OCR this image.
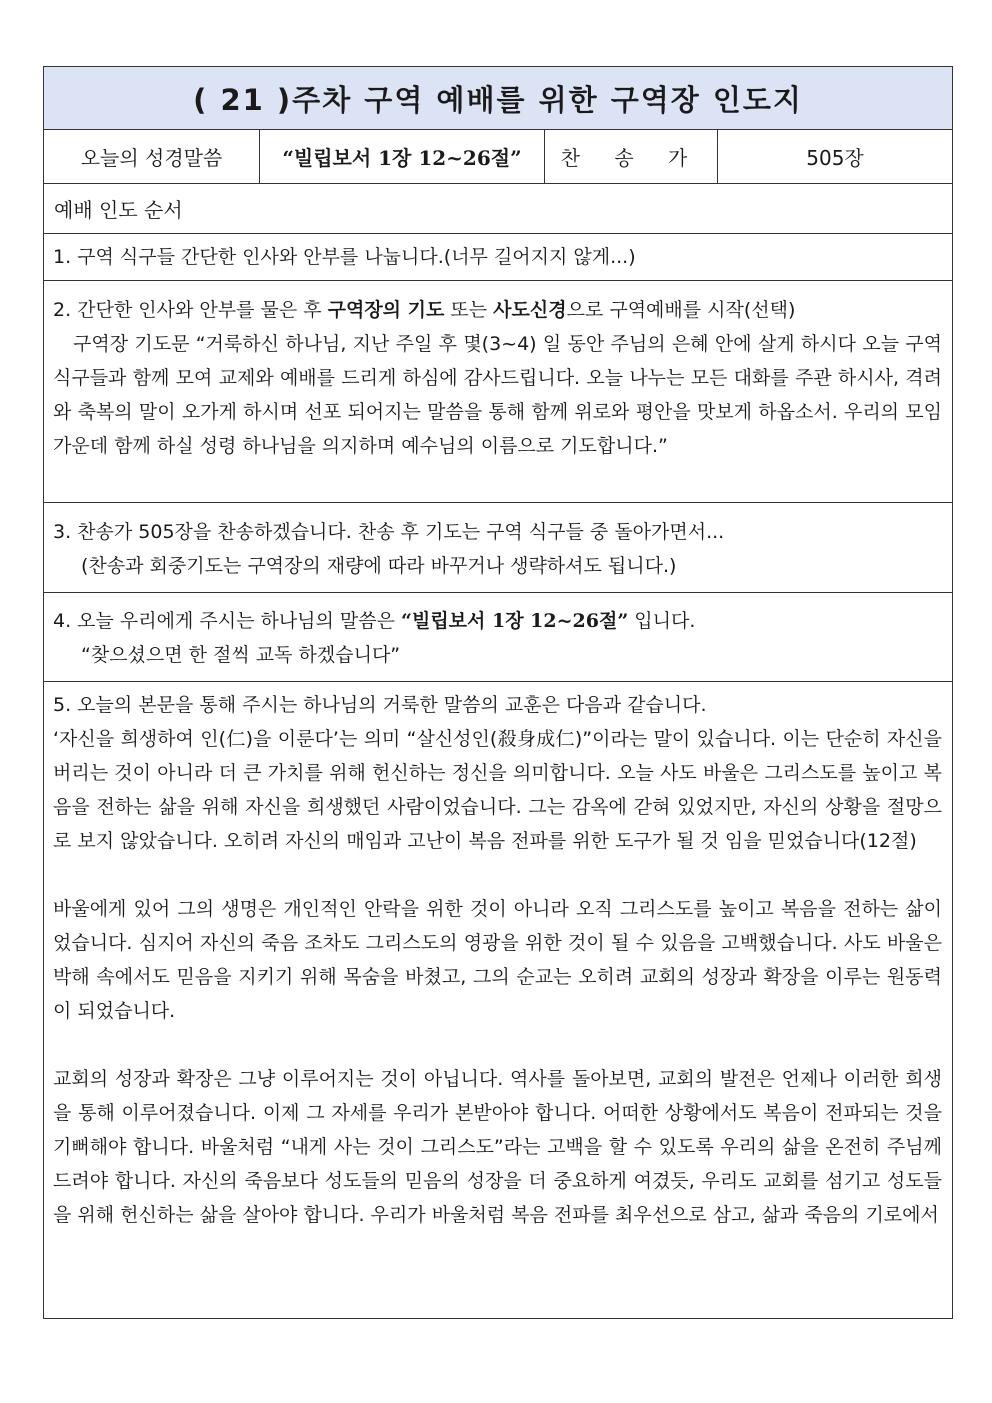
( 21 )주차 구역 예배를 위한 구역장 인도지
오늘의 성경말씀	“빌립보서 1장 12~26절”	찬 송 가	505장
예배 인도 순서

1. 구역 식구들 간단한 인사와 안부를 나눕니다.(너무 길어지지 않게...)

2. 간단한 인사와 안부를 물은 후 구역장의 기도 또는 사도신경으로 구역예배를 시작(선택)

구역장 기도문 “거룩하신 하나님, 지난 주일 후 몇(3~4) 일 동안 주님의 은혜 안에 살게 하시다 오늘 구역 식구들과 함께 모여 교제와 예배를 드리게 하심에 감사드립니다. 오늘 나누는 모든 대화를 주관 하시사, 격려와 축복의 말이 오가게 하시며 선포 되어지는 말씀을 통해 함께 위로와 평안을 맛보게 하옵소서. 우리의 모임 가운데 함께 하실 성령 하나님을 의지하며 예수님의 이름으로 기도합니다.”

3. 찬송가 505장을 찬송하겠습니다. 찬송 후 기도는 구역 식구들 중 돌아가면서...

(찬송과 회중기도는 구역장의 재량에 따라 바꾸거나 생략하셔도 됩니다.)

4. 오늘 우리에게 주시는 하나님의 말씀은 “빌립보서 1장 12~26절” 입니다.

“찾으셨으면 한 절씩 교독 하겠습니다”

5. 오늘의 본문을 통해 주시는 하나님의 거룩한 말씀의 교훈은 다음과 같습니다.

‘자신을 희생하여 인(仁)을 이룬다’는 의미 “살신성인(殺身成仁)”이라는 말이 있습니다. 이는 단순히 자신을 버리는 것이 아니라 더 큰 가치를 위해 헌신하는 정신을 의미합니다. 오늘 사도 바울은 그리스도를 높이고 복음을 전하는 삶을 위해 자신을 희생했던 사람이었습니다. 그는 감옥에 갇혀 있었지만, 자신의 상황을 절망으로 보지 않았습니다. 오히려 자신의 매임과 고난이 복음 전파를 위한 도구가 될 것 임을 믿었습니다(12절)

바울에게 있어 그의 생명은 개인적인 안락을 위한 것이 아니라 오직 그리스도를 높이고 복음을 전하는 삶이었습니다. 심지어 자신의 죽음 조차도 그리스도의 영광을 위한 것이 될 수 있음을 고백했습니다. 사도 바울은 박해 속에서도 믿음을 지키기 위해 목숨을 바쳤고, 그의 순교는 오히려 교회의 성장과 확장을 이루는 원동력이 되었습니다.

교회의 성장과 확장은 그냥 이루어지는 것이 아닙니다. 역사를 돌아보면, 교회의 발전은 언제나 이러한 희생을 통해 이루어졌습니다. 이제 그 자세를 우리가 본받아야 합니다. 어떠한 상황에서도 복음이 전파되는 것을 기뻐해야 합니다. 바울처럼 “내게 사는 것이 그리스도”라는 고백을 할 수 있도록 우리의 삶을 온전히 주님께 드려야 합니다. 자신의 죽음보다 성도들의 믿음의 성장을 더 중요하게 여겼듯, 우리도 교회를 섬기고 성도들을 위해 헌신하는 삶을 살아야 합니다. 우리가 바울처럼 복음 전파를 최우선으로 삼고, 삶과 죽음의 기로에서
